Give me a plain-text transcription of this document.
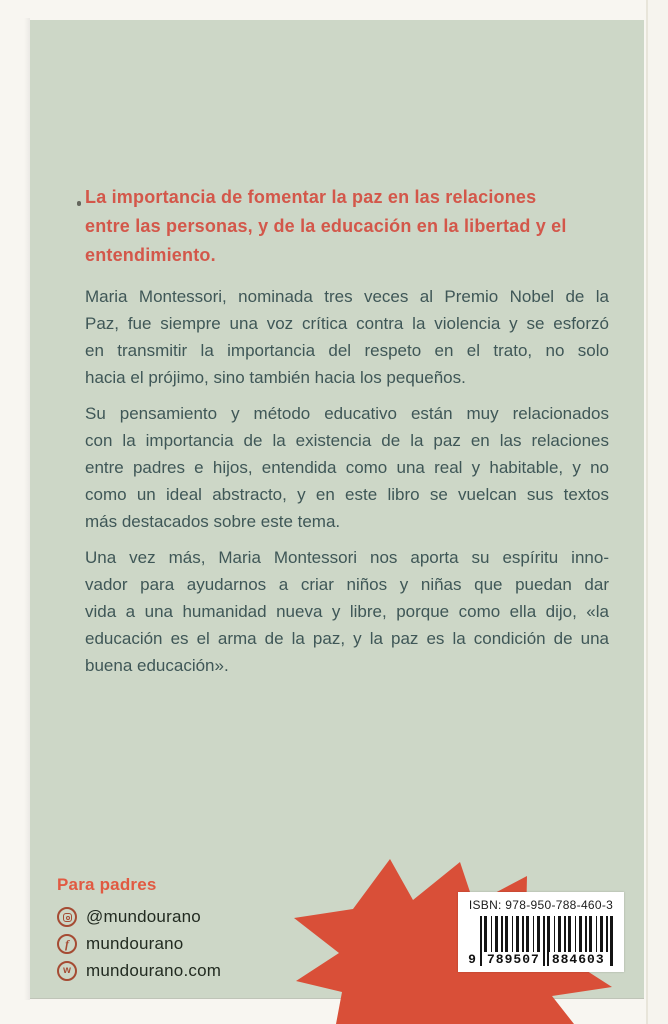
La importancia de fomentar la paz en las relaciones
entre las personas, y de la educación en la libertad y el
entendimiento.
Maria Montessori, nominada tres veces al Premio Nobel de la
Paz, fue siempre una voz crítica contra la violencia y se esforzó
en transmitir la importancia del respeto en el trato, no solo
hacia el prójimo, sino también hacia los pequeños.
Su pensamiento y método educativo están muy relacionados
con la importancia de la existencia de la paz en las relaciones
entre padres e hijos, entendida como una real y habitable, y no
como un ideal abstracto, y en este libro se vuelcan sus textos
más destacados sobre este tema.
Una vez más, Maria Montessori nos aporta su espíritu inno-
vador para ayudarnos a criar niños y niñas que puedan dar
vida a una humanidad nueva y libre, porque como ella dijo, «la
educación es el arma de la paz, y la paz es la condición de una
buena educación».
Para padres
@mundourano
f mundourano
w mundourano.com
ISBN: 978-950-788-460-3
9 789507 884603
